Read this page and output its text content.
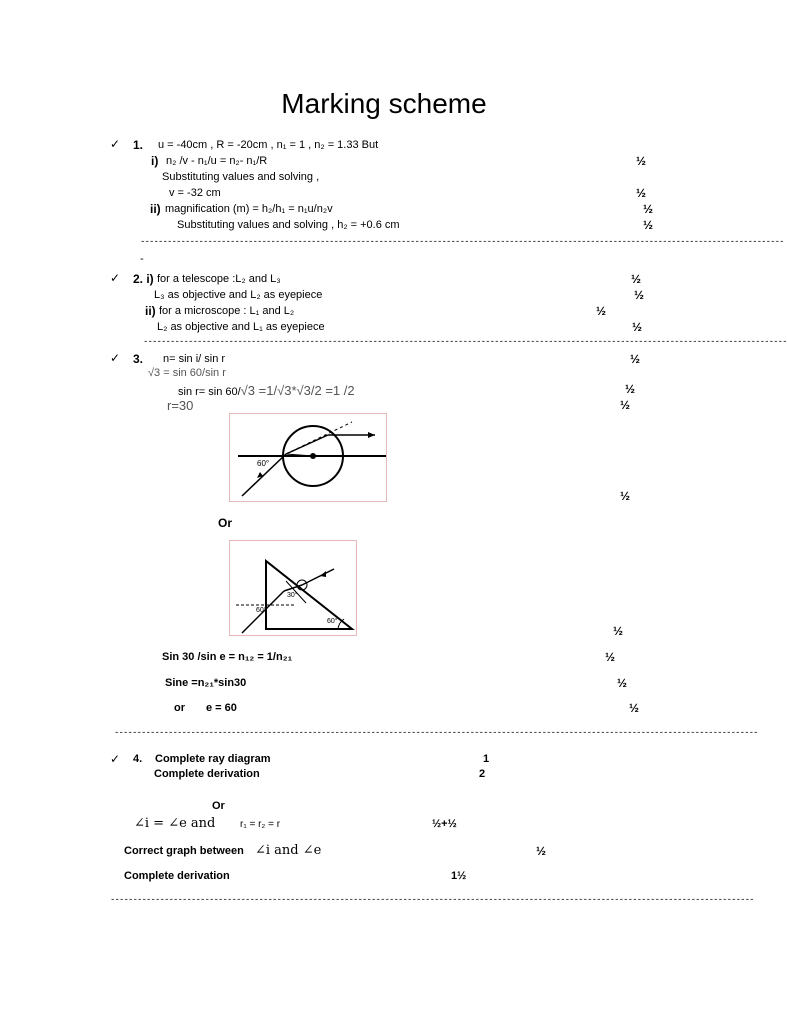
Marking scheme
✓ 1. u = -40cm , R = -20cm , n₁ = 1 , n₂ = 1.33 But
i) n₂ /v - n₁/u = n₂- n₁/R	½
Substituting values and solving ,
v = -32 cm	½
ii) magnification (m) = h₂/h₁ = n₁u/n₂v	½
Substituting values and solving , h₂ = +0.6 cm	½
-----------------------------------------------------------------------------------------------------------------------------------------------
-
✓ 2. i) for a telescope :L₂ and L₃	½
L₃ as objective and L₂ as eyepiece	½
ii) for a microscope : L₁ and L₂	½
L₂ as objective and L₁ as eyepiece	½
-----------------------------------------------------------------------------------------------------------------------------------------------
✓ 3. n= sin i/ sin r	½
√3 = sin 60/sin r
sin r= sin 60/√3 =1/√3*√3/2 =1 /2	½
r=30	½
60°
½
Or
30°
60°
60°
½
Sin 30 /sin e = n₁₂ = 1/n₂₁	½
Sine =n₂₁*sin30	½
or e = 60	½
-----------------------------------------------------------------------------------------------------------------------------------------------
✓ 4. Complete ray diagram	1
Complete derivation	2
Or
∠i = ∠e and r₁ = r₂ = r	½+½
Correct graph between ∠i and ∠e	½
Complete derivation	1½
-----------------------------------------------------------------------------------------------------------------------------------------------
